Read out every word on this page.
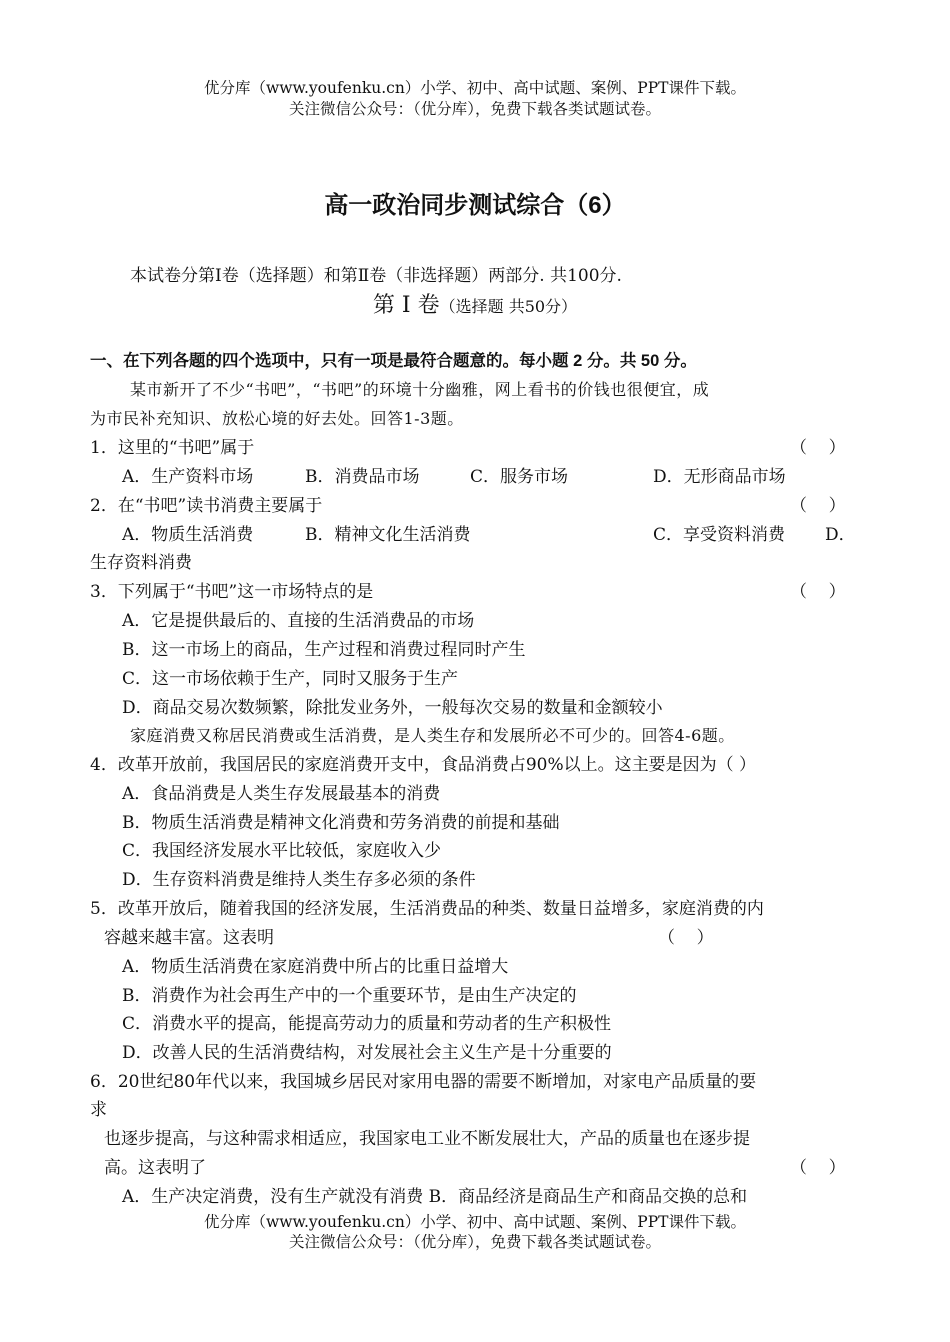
优分库（www.youfenku.cn）小学、初中、高中试题、案例、PPT课件下载。
关注微信公众号：（优分库），免费下载各类试题试卷。
高一政治同步测试综合（6）
本试卷分第Ⅰ卷（选择题）和第Ⅱ卷（非选择题）两部分. 共100分.
第 Ⅰ 卷（选择题 共50分）
一、在下列各题的四个选项中，只有一项是最符合题意的。每小题 2 分。共 50 分。
某市新开了不少“书吧”，“书吧”的环境十分幽雅，网上看书的价钱也很便宜，成
为市民补充知识、放松心境的好去处。回答1-3题。
1．这里的“书吧”属于	（    ）
A．生产资料市场	B．消费品市场	C．服务市场	D．无形商品市场
2．在“书吧”读书消费主要属于	（    ）
A．物质生活消费	B．精神文化生活消费	C．享受资料消费 D．
生存资料消费
3．下列属于“书吧”这一市场特点的是	（    ）
A．它是提供最后的、直接的生活消费品的市场
B．这一市场上的商品，生产过程和消费过程同时产生
C．这一市场依赖于生产，同时又服务于生产
D．商品交易次数频繁，除批发业务外，一般每次交易的数量和金额较小
家庭消费又称居民消费或生活消费，是人类生存和发展所必不可少的。回答4-6题。
4．改革开放前，我国居民的家庭消费开支中，食品消费占90%以上。这主要是因为（ ）
A．食品消费是人类生存发展最基本的消费
B．物质生活消费是精神文化消费和劳务消费的前提和基础
C．我国经济发展水平比较低，家庭收入少
D．生存资料消费是维持人类生存多必须的条件
5．改革开放后，随着我国的经济发展，生活消费品的种类、数量日益增多，家庭消费的内
容越来越丰富。这表明	（    ）
A．物质生活消费在家庭消费中所占的比重日益增大
B．消费作为社会再生产中的一个重要环节，是由生产决定的
C．消费水平的提高，能提高劳动力的质量和劳动者的生产积极性
D．改善人民的生活消费结构，对发展社会主义生产是十分重要的
6．20世纪80年代以来，我国城乡居民对家用电器的需要不断增加，对家电产品质量的要
求
也逐步提高，与这种需求相适应，我国家电工业不断发展壮大，产品的质量也在逐步提
高。这表明了	（    ）
A．生产决定消费，没有生产就没有消费 B．商品经济是商品生产和商品交换的总和
优分库（www.youfenku.cn）小学、初中、高中试题、案例、PPT课件下载。
关注微信公众号：（优分库），免费下载各类试题试卷。
